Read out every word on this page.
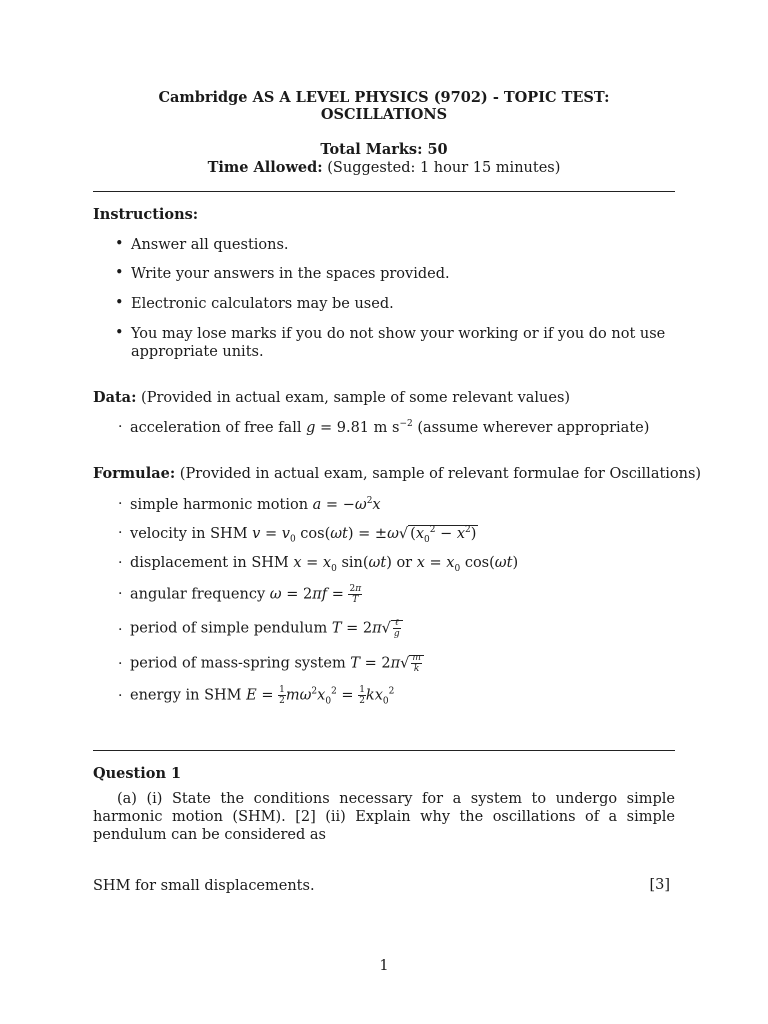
Cambridge AS A LEVEL PHYSICS (9702) - TOPIC TEST:
OSCILLATIONS
Total Marks: 50
Time Allowed: (Suggested: 1 hour 15 minutes)
Instructions:
• Answer all questions.
• Write your answers in the spaces provided.
• Electronic calculators may be used.
• You may lose marks if you do not show your working or if you do not use appropriate units.
Data: (Provided in actual exam, sample of some relevant values)
· acceleration of free fall g = 9.81 m $s^{-2}$ (assume wherever appropriate)
Formulae: (Provided in actual exam, sample of relevant formulae for Oscillations)
· simple harmonic motion $a = -\omega^2x$
· velocity in SHM $v = v_0$ cos(ωt) = ±ω√ $(x_0^2 - x^2)$
· displacement in SHM $x = x_0$ sin(ωt) or $x = x_0$ cos(ωt)
· angular frequency $\omega = 2\pi f = \frac{2\pi}{T}$
· period of simple pendulum $T = 2\pi√ \frac{\text{ℓ}}{g}$
· period of mass-spring system $T = 2\pi√ \frac{m}{k}$
· energy in SHM $E = \frac{1}{2} m\omega^2x_0^2 = \frac{1}{2} kx_0^2$
Question 1
(a) (i) State the conditions necessary for a system to undergo simple harmonic motion (SHM). [2] (ii) Explain why the oscillations of a simple pendulum can be considered as
SHM for small displacements.	[3]
1
